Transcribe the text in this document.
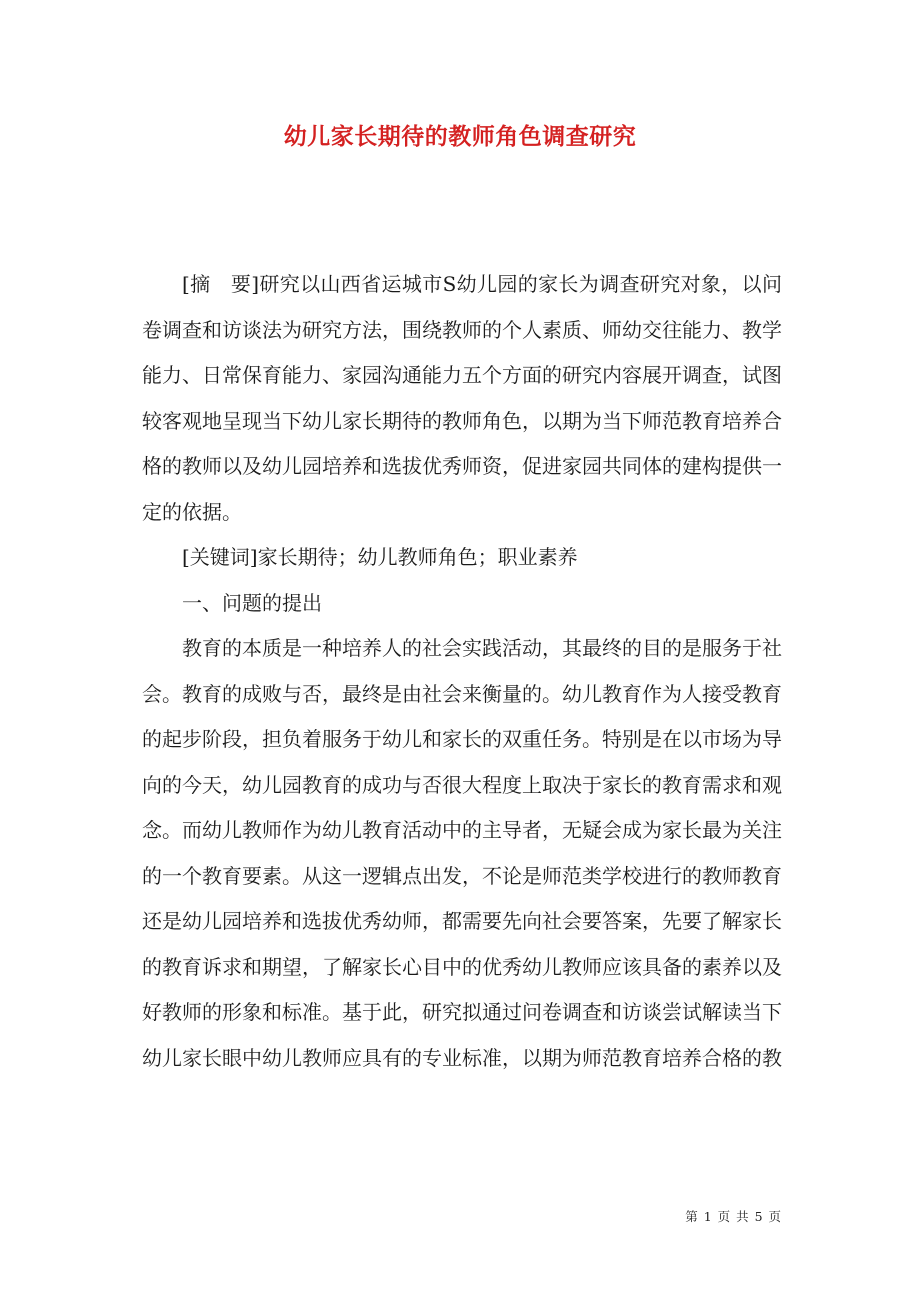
幼儿家长期待的教师角色调查研究

[摘　要]研究以山西省运城市S幼儿园的家长为调查研究对象，以问卷调查和访谈法为研究方法，围绕教师的个人素质、师幼交往能力、教学能力、日常保育能力、家园沟通能力五个方面的研究内容展开调查，试图较客观地呈现当下幼儿家长期待的教师角色，以期为当下师范教育培养合格的教师以及幼儿园培养和选拔优秀师资，促进家园共同体的建构提供一定的依据。

[关键词]家长期待；幼儿教师角色；职业素养

一、问题的提出

教育的本质是一种培养人的社会实践活动，其最终的目的是服务于社会。教育的成败与否，最终是由社会来衡量的。幼儿教育作为人接受教育的起步阶段，担负着服务于幼儿和家长的双重任务。特别是在以市场为导向的今天，幼儿园教育的成功与否很大程度上取决于家长的教育需求和观念。而幼儿教师作为幼儿教育活动中的主导者，无疑会成为家长最为关注的一个教育要素。从这一逻辑点出发，不论是师范类学校进行的教师教育还是幼儿园培养和选拔优秀幼师，都需要先向社会要答案，先要了解家长的教育诉求和期望，了解家长心目中的优秀幼儿教师应该具备的素养以及好教师的形象和标准。基于此，研究拟通过问卷调查和访谈尝试解读当下幼儿家长眼中幼儿教师应具有的专业标准，以期为师范教育培养合格的教

第 1 页 共 5 页
